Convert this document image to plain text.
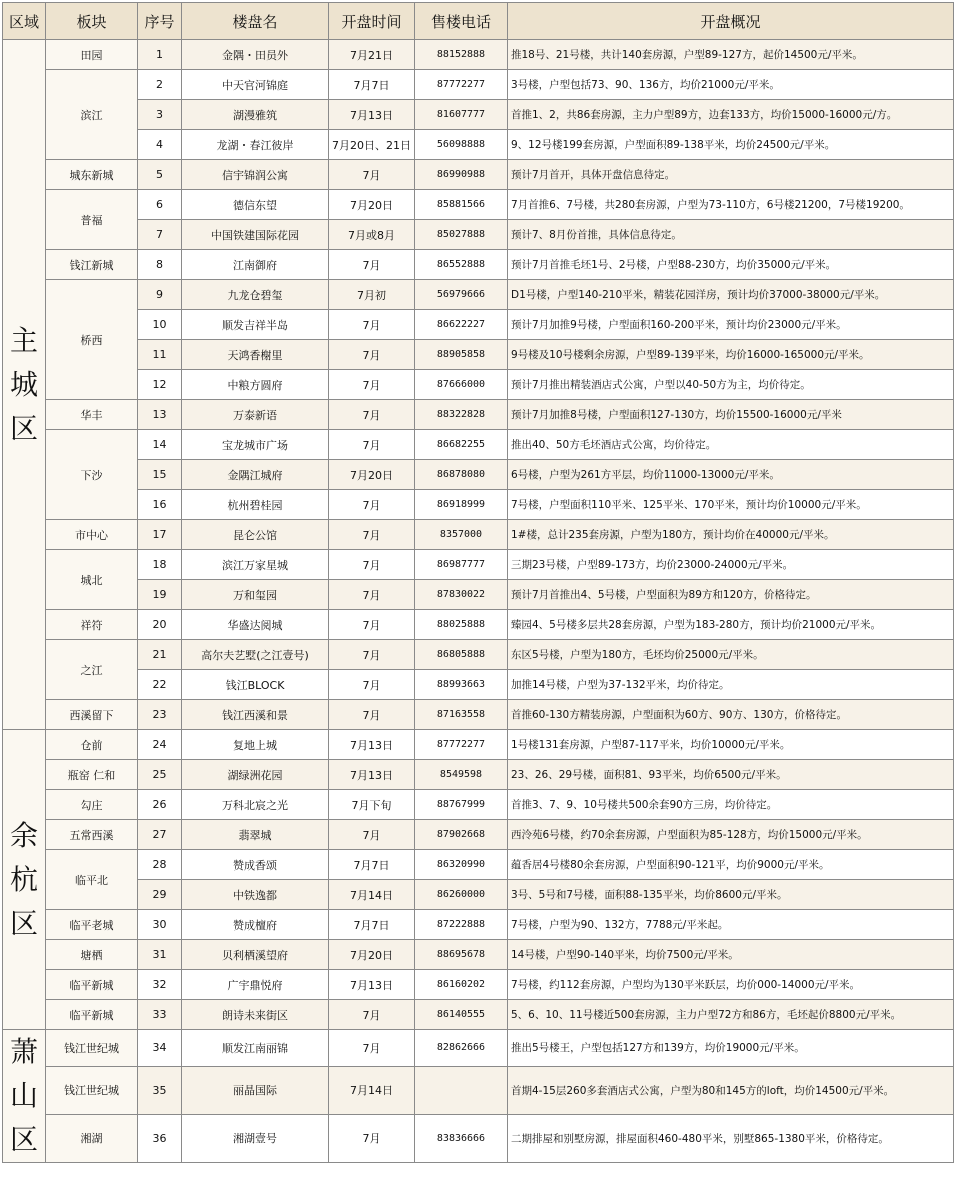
区域	板块	序号	楼盘名	开盘时间	售楼电话	开盘概况
主城区	田园	1	金隅・田员外	7月21日	88152888	推18号、21号楼，共计140套房源，户型89-127方，起价14500元/平米。
	滨江	2	中天官河锦庭	7月7日	87772277	3号楼，户型包括73、90、136方，均价21000元/平米。
		3	湖漫雅筑	7月13日	81607777	首推1、2，共86套房源，主力户型89方，边套133方，均价15000-16000元/方。
		4	龙湖・春江彼岸	7月20日、21日	56098888	9、12号楼199套房源，户型面积89-138平米，均价24500元/平米。
	城东新城	5	信宇锦润公寓	7月	86990988	预计7月首开，具体开盘信息待定。
	普福	6	德信东望	7月20日	85881566	7月首推6、7号楼，共280套房源，户型为73-110方，6号楼21200，7号楼19200。
		7	中国铁建国际花园	7月或8月	85027888	预计7、8月份首推，具体信息待定。
	钱江新城	8	江南御府	7月	86552888	预计7月首推毛坯1号、2号楼，户型88-230方，均价35000元/平米。
	桥西	9	九龙仓碧玺	7月初	56979666	D1号楼，户型140-210平米，精装花园洋房，预计均价37000-38000元/平米。
		10	顺发吉祥半岛	7月	86622227	预计7月加推9号楼，户型面积160-200平米，预计均价23000元/平米。
		11	天鸿香榭里	7月	88905858	9号楼及10号楼剩余房源，户型89-139平米，均价16000-165000元/平米。
		12	中粮方圆府	7月	87666000	预计7月推出精装酒店式公寓，户型以40-50方为主，均价待定。
	华丰	13	万泰新语	7月	88322828	预计7月加推8号楼，户型面积127-130方，均价15500-16000元/平米
	下沙	14	宝龙城市广场	7月	86682255	推出40、50方毛坯酒店式公寓，均价待定。
		15	金隅江城府	7月20日	86878080	6号楼，户型为261方平层，均价11000-13000元/平米。
		16	杭州碧桂园	7月	86918999	7号楼，户型面积110平米、125平米、170平米，预计均价10000元/平米。
	市中心	17	昆仑公馆	7月	8357000	1#楼，总计235套房源，户型为180方，预计均价在40000元/平米。
	城北	18	滨江万家星城	7月	86987777	三期23号楼，户型89-173方，均价23000-24000元/平米。
		19	万和玺园	7月	87830022	预计7月首推出4、5号楼，户型面积为89方和120方，价格待定。
	祥符	20	华盛达阅城	7月	88025888	臻园4、5号楼多层共28套房源，户型为183-280方，预计均价21000元/平米。
	之江	21	高尔夫艺墅(之江壹号)	7月	86805888	东区5号楼，户型为180方，毛坯均价25000元/平米。
		22	钱江BLOCK	7月	88993663	加推14号楼，户型为37-132平米，均价待定。
	西溪留下	23	钱江西溪和景	7月	87163558	首推60-130方精装房源，户型面积为60方、90方、130方，价格待定。
余杭区	仓前	24	复地上城	7月13日	87772277	1号楼131套房源，户型87-117平米，均价10000元/平米。
	瓶窑 仁和	25	湖绿洲花园	7月13日	8549598	23、26、29号楼，面积81、93平米，均价6500元/平米。
	勾庄	26	万科北宸之光	7月下旬	88767999	首推3、7、9、10号楼共500余套90方三房，均价待定。
	五常西溪	27	翡翠城	7月	87902668	西泠苑6号楼，约70余套房源，户型面积为85-128方，均价15000元/平米。
	临平北	28	赞成香颂	7月7日	86320990	蕴香居4号楼80余套房源，户型面积90-121平，均价9000元/平米。
		29	中铁逸都	7月14日	86260000	3号、5号和7号楼，面积88-135平米，均价8600元/平米。
	临平老城	30	赞成檀府	7月7日	87222888	7号楼，户型为90、132方，7788元/平米起。
	塘栖	31	贝利栖溪望府	7月20日	88695678	14号楼，户型90-140平米，均价7500元/平米。
	临平新城	32	广宇鼎悦府	7月13日	86160202	7号楼，约112套房源，户型均为130平米跃层，均价000-14000元/平米。
	临平新城	33	朗诗未来街区	7月	86140555	5、6、10、11号楼近500套房源，主力户型72方和86方，毛坯起价8800元/平米。
萧山区	钱江世纪城	34	顺发江南丽锦	7月	82862666	推出5号楼王，户型包括127方和139方，均价19000元/平米。
	钱江世纪城	35	丽晶国际	7月14日		首期4-15层260多套酒店式公寓，户型为80和145方的loft，均价14500元/平米。
	湘湖	36	湘湖壹号	7月	83836666	二期排屋和别墅房源，排屋面积460-480平米，别墅865-1380平米，价格待定。
